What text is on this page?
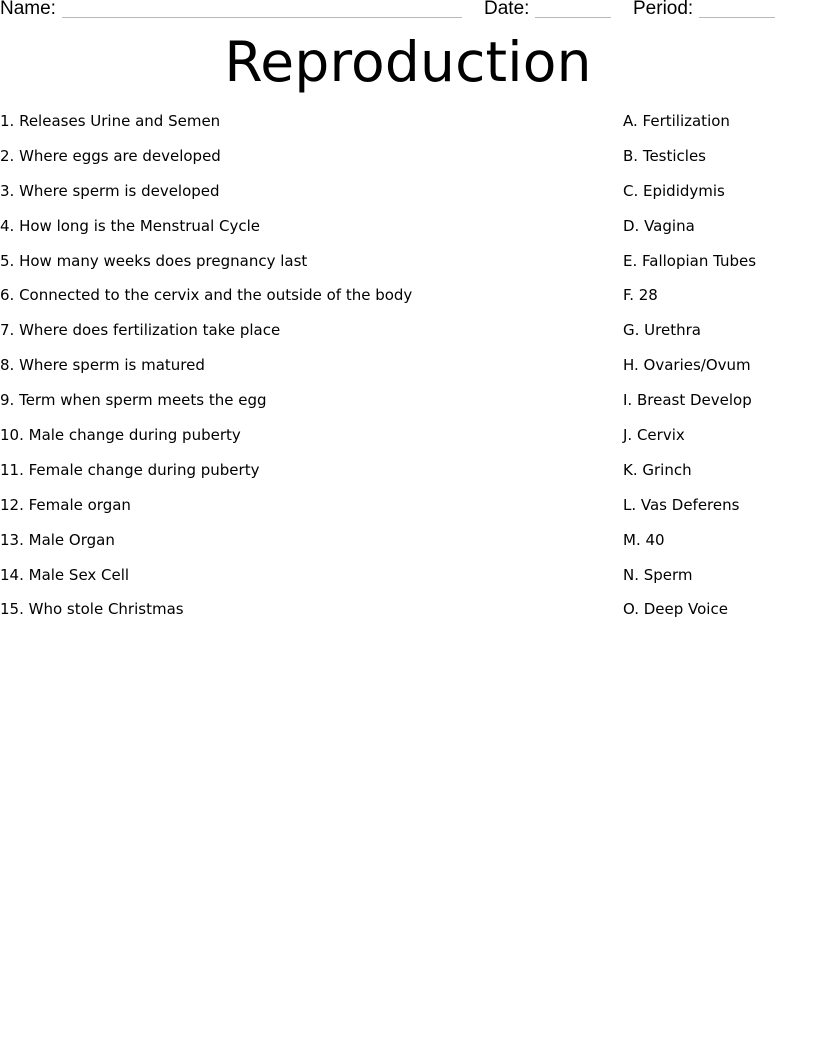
Name:	Date:	Period:
Reproduction
1. Releases Urine and Semen
2. Where eggs are developed
3. Where sperm is developed
4. How long is the Menstrual Cycle
5. How many weeks does pregnancy last
6. Connected to the cervix and the outside of the body
7. Where does fertilization take place
8. Where sperm is matured
9. Term when sperm meets the egg
10. Male change during puberty
11. Female change during puberty
12. Female organ
13. Male Organ
14. Male Sex Cell
15. Who stole Christmas
A. Fertilization
B. Testicles
C. Epididymis
D. Vagina
E. Fallopian Tubes
F. 28
G. Urethra
H. Ovaries/Ovum
I. Breast Develop
J. Cervix
K. Grinch
L. Vas Deferens
M. 40
N. Sperm
O. Deep Voice
